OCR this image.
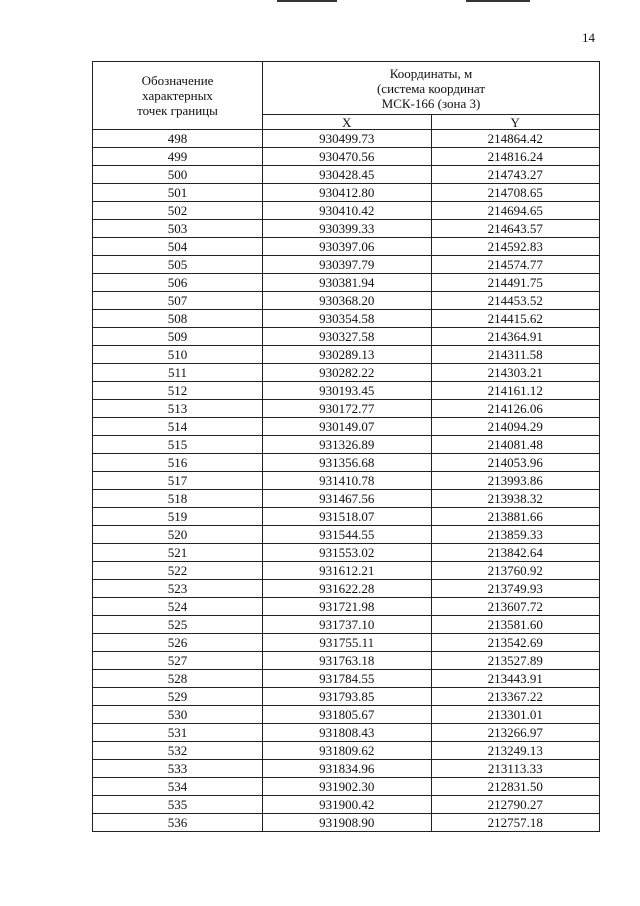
14
Обозначение
характерных
точек границы	Координаты, м
(система координат
МСК-166 (зона 3)	

	X	Y
498	930499.73	214864.42
499	930470.56	214816.24
500	930428.45	214743.27
501	930412.80	214708.65
502	930410.42	214694.65
503	930399.33	214643.57
504	930397.06	214592.83
505	930397.79	214574.77
506	930381.94	214491.75
507	930368.20	214453.52
508	930354.58	214415.62
509	930327.58	214364.91
510	930289.13	214311.58
511	930282.22	214303.21
512	930193.45	214161.12
513	930172.77	214126.06
514	930149.07	214094.29
515	931326.89	214081.48
516	931356.68	214053.96
517	931410.78	213993.86
518	931467.56	213938.32
519	931518.07	213881.66
520	931544.55	213859.33
521	931553.02	213842.64
522	931612.21	213760.92
523	931622.28	213749.93
524	931721.98	213607.72
525	931737.10	213581.60
526	931755.11	213542.69
527	931763.18	213527.89
528	931784.55	213443.91
529	931793.85	213367.22
530	931805.67	213301.01
531	931808.43	213266.97
532	931809.62	213249.13
533	931834.96	213113.33
534	931902.30	212831.50
535	931900.42	212790.27
536	931908.90	212757.18
